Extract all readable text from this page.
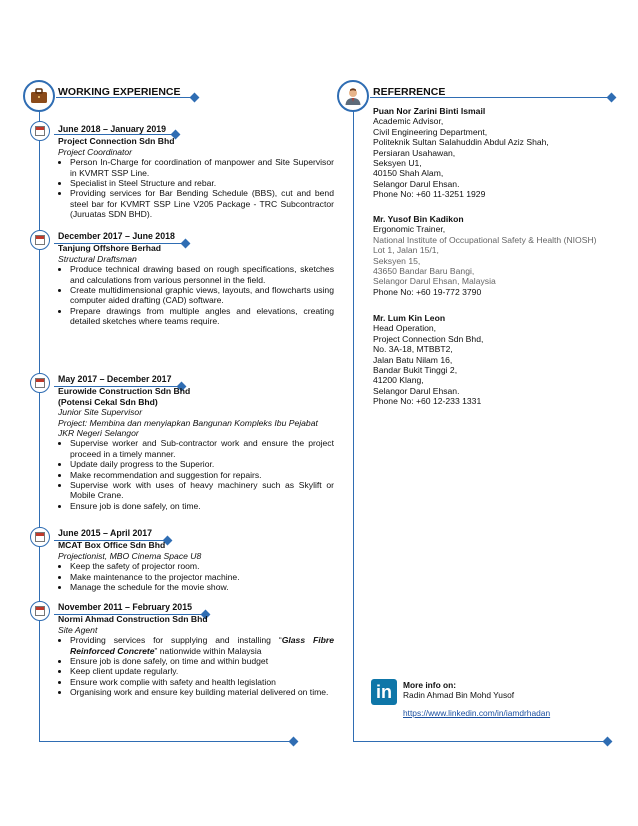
WORKING EXPERIENCE
June 2018 – January 2019
Project Connection Sdn Bhd
Project Coordinator
• Person In-Charge for coordination of manpower and Site Supervisor in KVMRT SSP Line.
• Specialist in Steel Structure and rebar.
• Providing services for Bar Bending Schedule (BBS), cut and bend steel bar for KVMRT SSP Line V205 Package - TRC Subcontractor (Juruatas SDN BHD).
December 2017 – June 2018
Tanjung Offshore Berhad
Structural Draftsman
• Produce technical drawing based on rough specifications, sketches and calculations from various personnel in the field.
• Create multidimensional graphic views, layouts, and flowcharts using computer aided drafting (CAD) software.
• Prepare drawings from multiple angles and elevations, creating detailed sketches where teams require.
May 2017 – December 2017
Eurowide Construction Sdn Bhd
(Potensi Cekal Sdn Bhd)
Junior Site Supervisor
Project: Membina dan menyiapkan Bangunan Kompleks Ibu Pejabat JKR Negeri Selangor
• Supervise worker and Sub-contractor work and ensure the project proceed in a timely manner.
• Update daily progress to the Superior.
• Make recommendation and suggestion for repairs.
• Supervise work with uses of heavy machinery such as Skylift or Mobile Crane.
• Ensure job is done safely, on time.
June 2015 – April 2017
MCAT Box Office Sdn Bhd
Projectionist, MBO Cinema Space U8
• Keep the safety of projector room.
• Make maintenance to the projector machine.
• Manage the schedule for the movie show.
November 2011 – February 2015
Normi Ahmad Construction Sdn Bhd
Site Agent
• Providing services for supplying and installing “Glass Fibre Reinforced Concrete” nationwide within Malaysia
• Ensure job is done safely, on time and within budget
• Keep client update regularly.
• Ensure work complie with safety and health legislation
• Organising work and ensure key building material delivered on time.
REFERRENCE
Puan Nor Zarini Binti Ismail
Academic Advisor,
Civil Engineering Department,
Politeknik Sultan Salahuddin Abdul Aziz Shah,
Persiaran Usahawan,
Seksyen U1,
40150 Shah Alam,
Selangor Darul Ehsan.
Phone No: +60 11-3251 1929
Mr. Yusof Bin Kadikon
Ergonomic Trainer,
National Institute of Occupational Safety & Health (NIOSH)
Lot 1, Jalan 15/1,
Seksyen 15,
43650 Bandar Baru Bangi,
Selangor Darul Ehsan, Malaysia
Phone No: +60 19-772 3790
Mr. Lum Kin Leon
Head Operation,
Project Connection Sdn Bhd,
No. 3A-18, MTBBT2,
Jalan Batu Nilam 16,
Bandar Bukit Tinggi 2,
41200 Klang,
Selangor Darul Ehsan.
Phone No: +60 12-233 1331
in	More info on:
Radin Ahmad Bin Mohd Yusof
https://www.linkedin.com/in/iamdrhadan
